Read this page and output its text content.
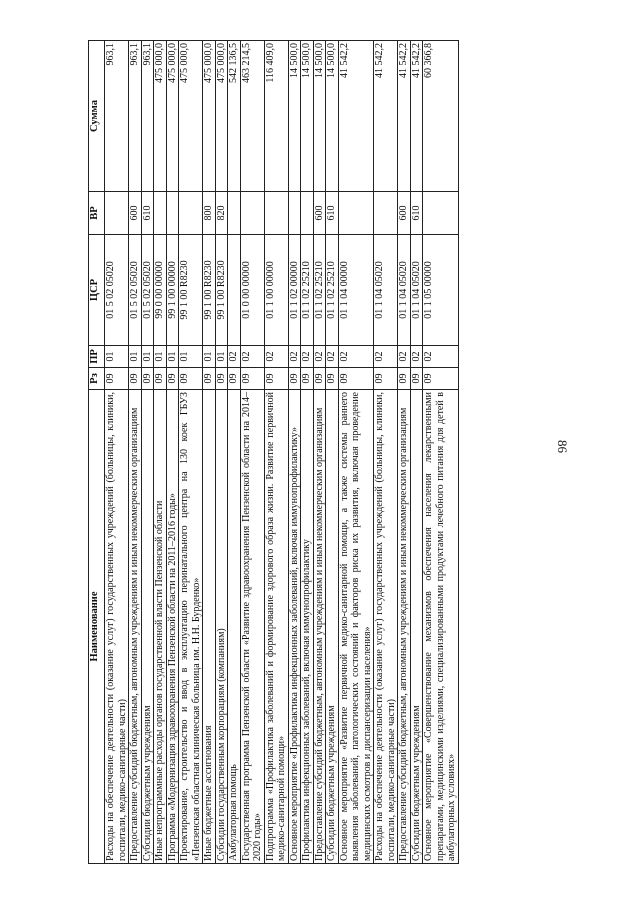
86
Наименование	Рз	ПР	ЦСР	ВР	Сумма
Расходы на обеспечение деятельности (оказание услуг) государственных учреждений (больницы, клиники, госпитали, медико-санитарные части)	09	01	01 5 02 05020		963,1
Предоставление субсидий бюджетным, автономным учреждениям и иным некоммерческим организациям	09	01	01 5 02 05020	600	963,1
Субсидии бюджетным учреждениям	09	01	01 5 02 05020	610	963,1
Иные непрограммные расходы органов государственной власти Пензенской области	09	01	99 0 00 00000		475 000,0
Программа «Модернизация здравоохранения Пензенской области на 2011–2016 годы»	09	01	99 1 00 00000		475 000,0
Проектирование, строительство и ввод в эксплуатацию перинатального центра на 130 коек ГБУЗ «Пензенская областная клиническая больница им. Н.Н. Бурденко»	09	01	99 1 00 R8230		475 000,0
Иные бюджетные ассигнования	09	01	99 1 00 R8230	800	475 000,0
Субсидии государственным корпорациям (компаниям)	09	01	99 1 00 R8230	820	475 000,0
Амбулаторная помощь	09	02			542 136,5
Государственная программа Пензенской области «Развитие здравоохранения Пензенской области на 2014–2020 годы»	09	02	01 0 00 00000		463 214,5
Подпрограмма «Профилактика заболеваний и формирование здорового образа жизни. Развитие первичной медико-санитарной помощи»	09	02	01 1 00 00000		116 409,0
Основное мероприятие «Профилактика инфекционных заболеваний, включая иммунопрофилактику»	09	02	01 1 02 00000		14 500,0
Профилактика инфекционных заболеваний, включая иммунопрофилактику	09	02	01 1 02 25210		14 500,0
Предоставление субсидий бюджетным, автономным учреждениям и иным некоммерческим организациям	09	02	01 1 02 25210	600	14 500,0
Субсидии бюджетным учреждениям	09	02	01 1 02 25210	610	14 500,0
Основное мероприятие «Развитие первичной медико-санитарной помощи, а также системы раннего выявления заболеваний, патологических состояний и факторов риска их развития, включая проведение медицинских осмотров и диспансеризации населения»	09	02	01 1 04 00000		41 542,2
Расходы на обеспечение деятельности (оказание услуг) государственных учреждений (больницы, клиники, госпитали, медико-санитарные части)	09	02	01 1 04 05020		41 542,2
Предоставление субсидий бюджетным, автономным учреждениям и иным некоммерческим организациям	09	02	01 1 04 05020	600	41 542,2
Субсидии бюджетным учреждениям	09	02	01 1 04 05020	610	41 542,2
Основное мероприятие «Совершенствование механизмов обеспечения населения лекарственными препаратами, медицинскими изделиями, специализированными продуктами лечебного питания для детей в амбулаторных условиях»	09	02	01 1 05 00000		60 366,8
